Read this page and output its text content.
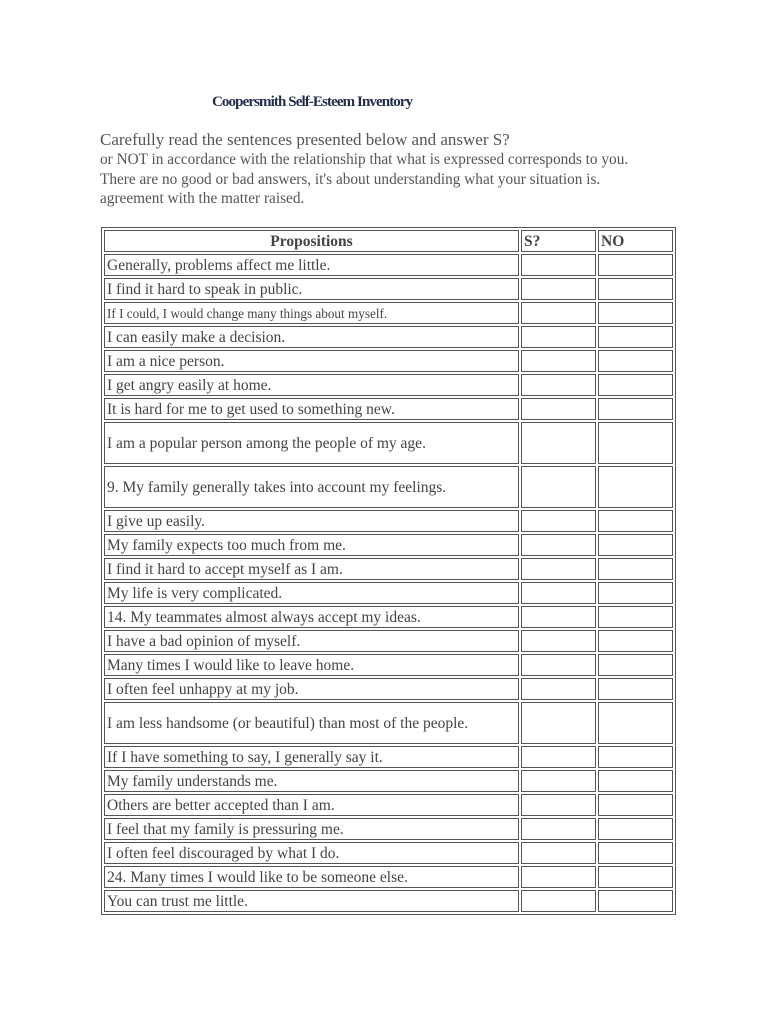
Coopersmith Self-Esteem Inventory
Carefully read the sentences presented below and answer S?
or NOT in accordance with the relationship that what is expressed corresponds to you.
There are no good or bad answers, it's about understanding what your situation is.
agreement with the matter raised.
Propositions	S?	NO
Generally, problems affect me little.		
I find it hard to speak in public.		
If I could, I would change many things about myself.		
I can easily make a decision.		
I am a nice person.		
I get angry easily at home.		
It is hard for me to get used to something new.		
I am a popular person among the people of my age.		
9. My family generally takes into account my feelings.		
I give up easily.		
My family expects too much from me.		
I find it hard to accept myself as I am.		
My life is very complicated.		
14. My teammates almost always accept my ideas.		
I have a bad opinion of myself.		
Many times I would like to leave home.		
I often feel unhappy at my job.		
I am less handsome (or beautiful) than most of the people.		
If I have something to say, I generally say it.		
My family understands me.		
Others are better accepted than I am.		
I feel that my family is pressuring me.		
I often feel discouraged by what I do.		
24. Many times I would like to be someone else.		
You can trust me little.		
